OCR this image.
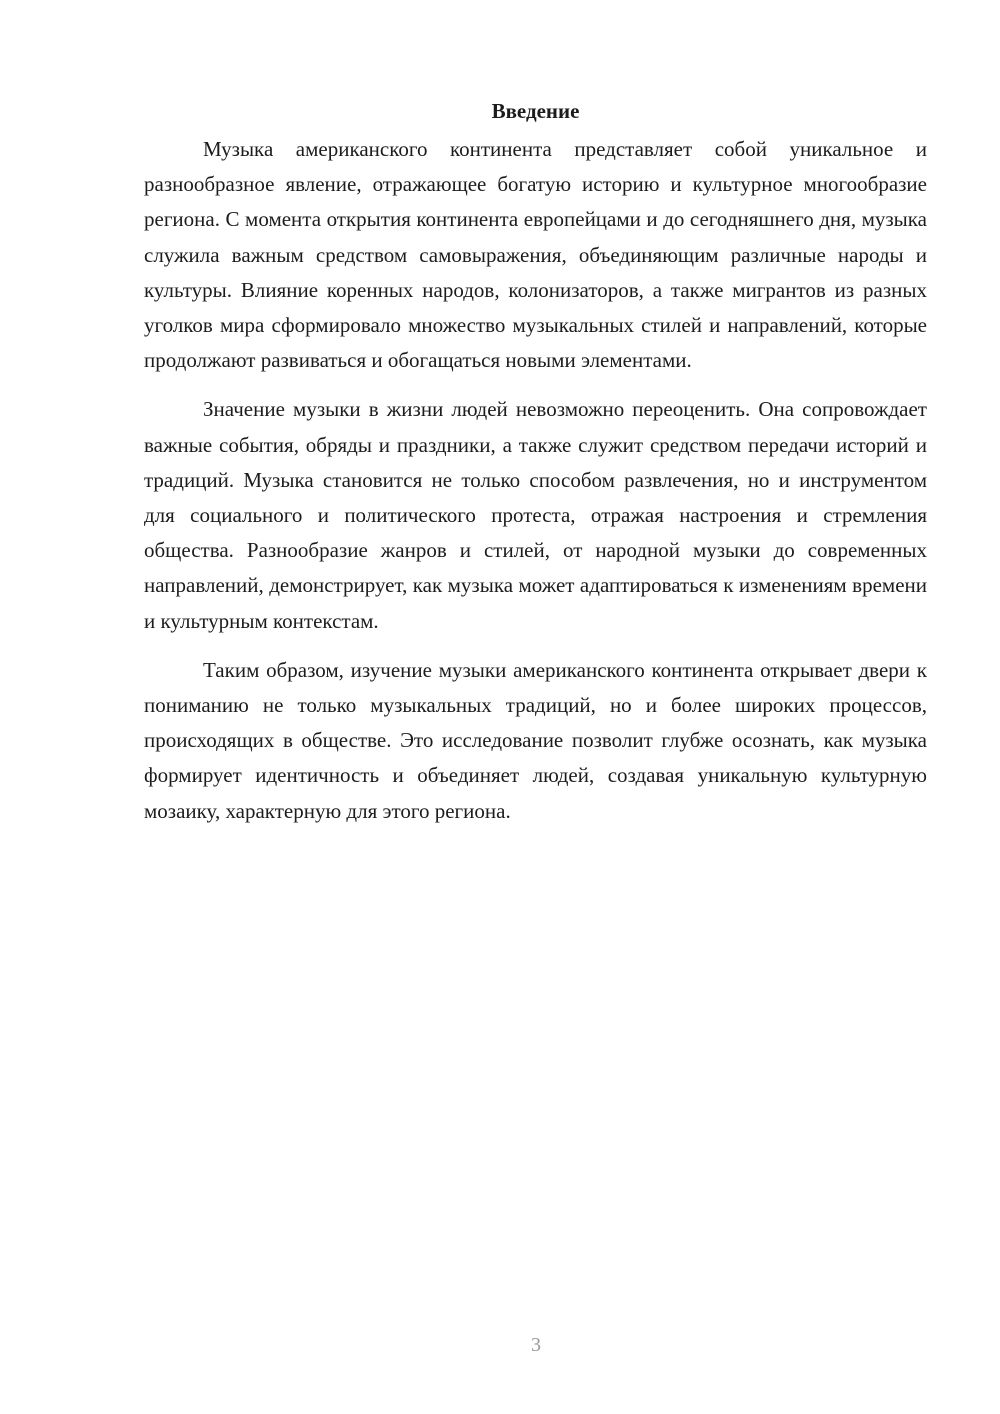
Введение

Музыка американского континента представляет собой уникальное и разнообразное явление, отражающее богатую историю и культурное многообразие региона. С момента открытия континента европейцами и до сегодняшнего дня, музыка служила важным средством самовыражения, объединяющим различные народы и культуры. Влияние коренных народов, колонизаторов, а также мигрантов из разных уголков мира сформировало множество музыкальных стилей и направлений, которые продолжают развиваться и обогащаться новыми элементами.

Значение музыки в жизни людей невозможно переоценить. Она сопровождает важные события, обряды и праздники, а также служит средством передачи историй и традиций. Музыка становится не только способом развлечения, но и инструментом для социального и политического протеста, отражая настроения и стремления общества. Разнообразие жанров и стилей, от народной музыки до современных направлений, демонстрирует, как музыка может адаптироваться к изменениям времени и культурным контекстам.

Таким образом, изучение музыки американского континента открывает двери к пониманию не только музыкальных традиций, но и более широких процессов, происходящих в обществе. Это исследование позволит глубже осознать, как музыка формирует идентичность и объединяет людей, создавая уникальную культурную мозаику, характерную для этого региона.

3
